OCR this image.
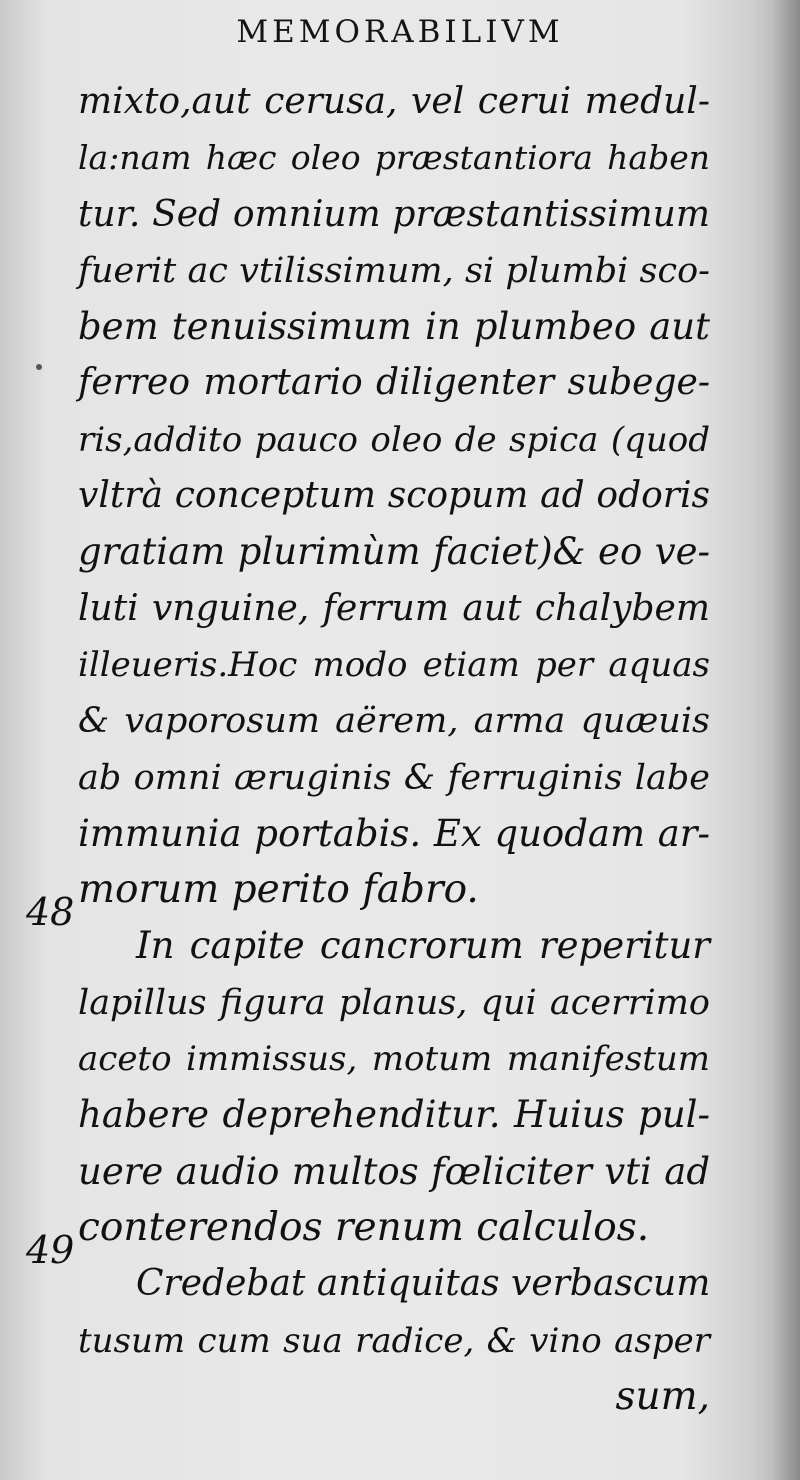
MEMORABILIVM
48
49
mixto,aut cerusa, vel cerui medul-
la:nam hæc oleo præstantiora haben
tur. Sed omnium præstantissimum
fuerit ac vtilissimum, si plumbi sco-
bem tenuissimum in plumbeo aut
ferreo mortario diligenter subege-
ris,addito pauco oleo de spica (quod
vltrà conceptum scopum ad odoris
gratiam plurimùm faciet)& eo ve-
luti vnguine, ferrum aut chalybem
illeueris.Hoc modo etiam per aquas
& vaporosum aërem, arma quæuis
ab omni æruginis & ferruginis labe
immunia portabis. Ex quodam ar-
morum perito fabro.
In capite cancrorum reperitur
lapillus figura planus, qui acerrimo
aceto immissus, motum manifestum
habere deprehenditur. Huius pul-
uere audio multos fœliciter vti ad
conterendos renum calculos.
Credebat antiquitas verbascum
tusum cum sua radice, & vino asper
sum,
